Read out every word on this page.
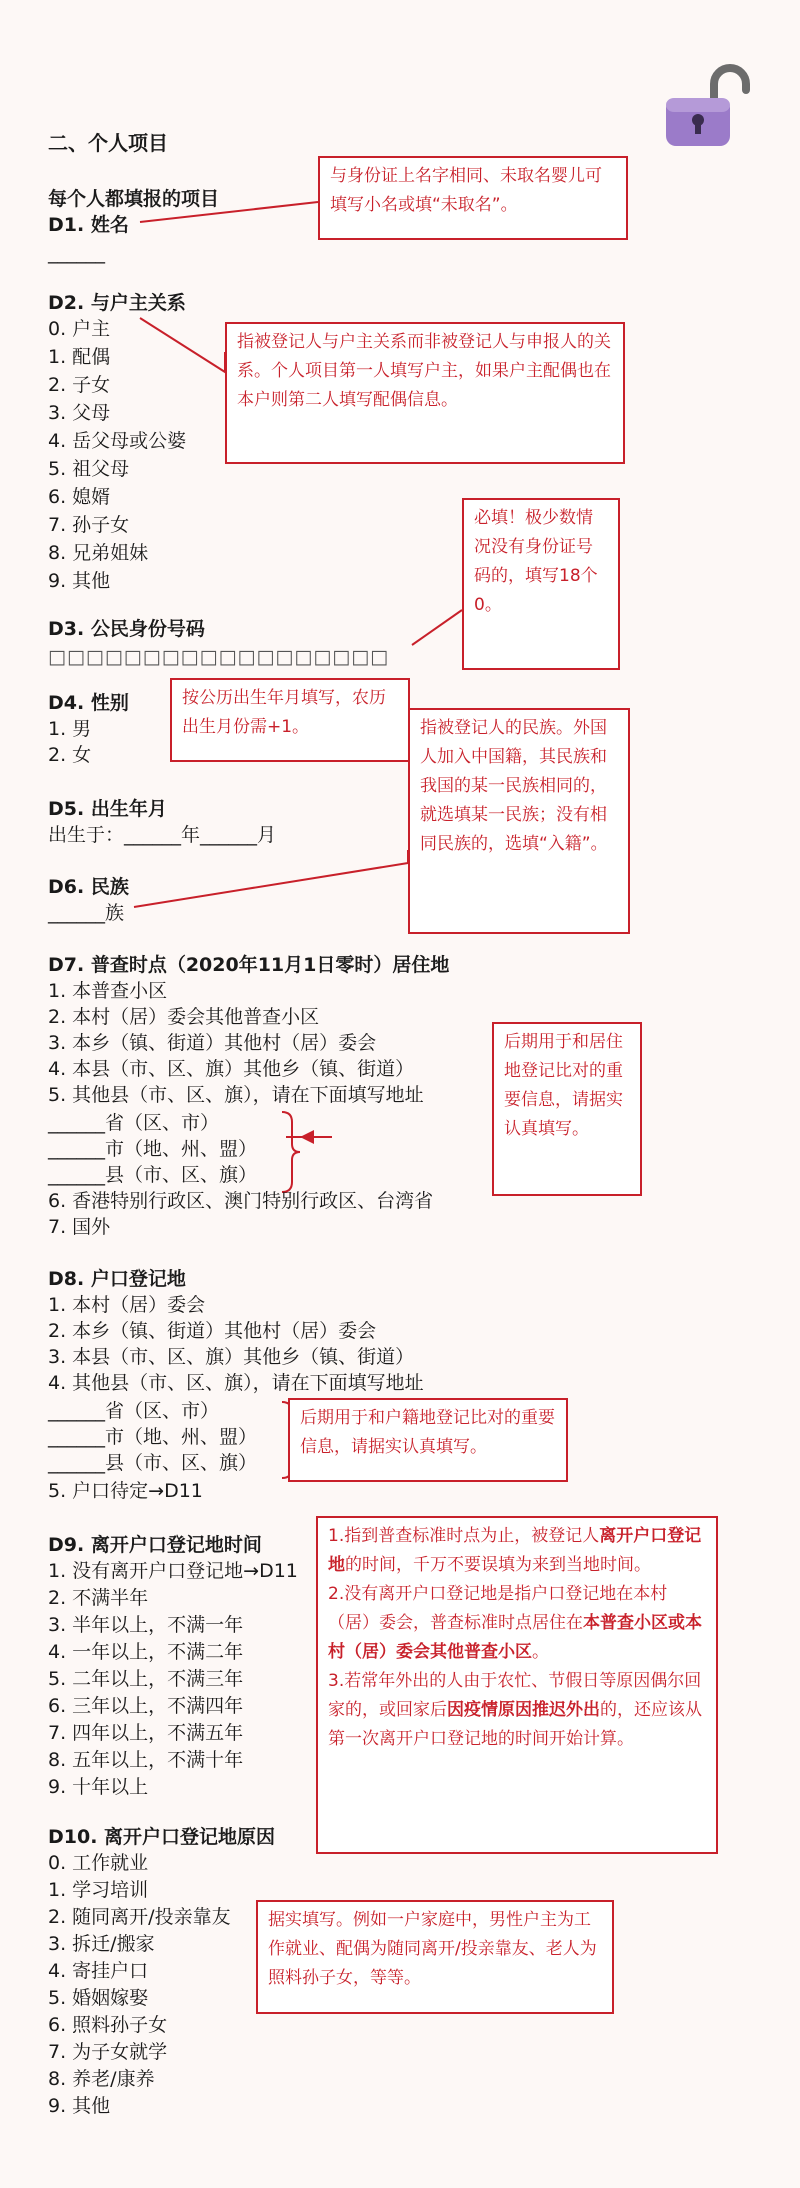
二、个人项目
每个人都填报的项目
D1. 姓名
______
D2. 与户主关系
0. 户主
1. 配偶
2. 子女
3. 父母
4. 岳父母或公婆
5. 祖父母
6. 媳婿
7. 孙子女
8. 兄弟姐妹
9. 其他
D3. 公民身份号码
□□□□□□□□□□□□□□□□□□
D4. 性别
1. 男
2. 女
D5. 出生年月
出生于：______年______月
D6. 民族
______族
D7. 普查时点（2020年11月1日零时）居住地
1. 本普查小区
2. 本村（居）委会其他普查小区
3. 本乡（镇、街道）其他村（居）委会
4. 本县（市、区、旗）其他乡（镇、街道）
5. 其他县（市、区、旗），请在下面填写地址
______省（区、市）
______市（地、州、盟）
______县（市、区、旗）
6. 香港特别行政区、澳门特别行政区、台湾省
7. 国外
D8. 户口登记地
1. 本村（居）委会
2. 本乡（镇、街道）其他村（居）委会
3. 本县（市、区、旗）其他乡（镇、街道）
4. 其他县（市、区、旗），请在下面填写地址
______省（区、市）
______市（地、州、盟）
______县（市、区、旗）
5. 户口待定→D11
D9. 离开户口登记地时间
1. 没有离开户口登记地→D11
2. 不满半年
3. 半年以上，不满一年
4. 一年以上，不满二年
5. 二年以上，不满三年
6. 三年以上，不满四年
7. 四年以上，不满五年
8. 五年以上，不满十年
9. 十年以上
D10. 离开户口登记地原因
0. 工作就业
1. 学习培训
2. 随同离开/投亲靠友
3. 拆迁/搬家
4. 寄挂户口
5. 婚姻嫁娶
6. 照料孙子女
7. 为子女就学
8. 养老/康养
9. 其他
与身份证上名字相同、未取名婴儿可填写小名或填“未取名”。
指被登记人与户主关系而非被登记人与申报人的关系。个人项目第一人填写户主，如果户主配偶也在本户则第二人填写配偶信息。
必填！极少数情况没有身份证号码的，填写18个0。
按公历出生年月填写，农历出生月份需+1。	指被登记人的民族。外国人加入中国籍，其民族和我国的某一民族相同的，就选填某一民族；没有相同民族的，选填“入籍”。
后期用于和居住地登记比对的重要信息，请据实认真填写。
后期用于和户籍地登记比对的重要信息，请据实认真填写。
1.指到普查标准时点为止，被登记人离开户口登记地的时间，千万不要误填为来到当地时间。
2.没有离开户口登记地是指户口登记地在本村（居）委会，普查标准时点居住在本普查小区或本村（居）委会其他普查小区。
3.若常年外出的人由于农忙、节假日等原因偶尔回家的，或回家后因疫情原因推迟外出的，还应该从第一次离开户口登记地的时间开始计算。
据实填写。例如一户家庭中，男性户主为工作就业、配偶为随同离开/投亲靠友、老人为照料孙子女，等等。
